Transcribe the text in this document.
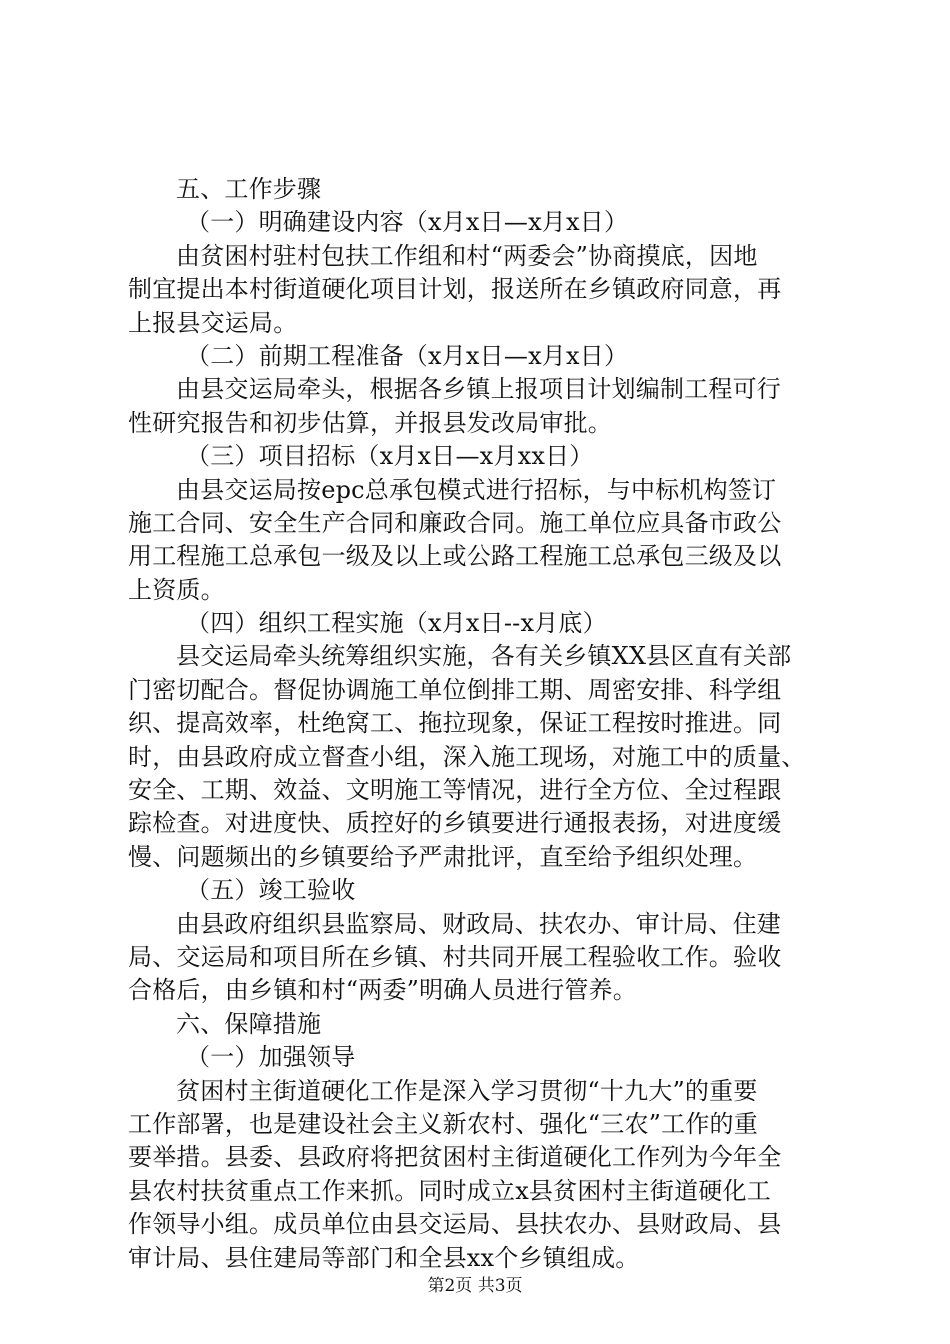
五、工作步骤
（一）明确建设内容（x月x日—x月x日）
由贫困村驻村包扶工作组和村“两委会”协商摸底，因地
制宜提出本村街道硬化项目计划，报送所在乡镇政府同意，再
上报县交运局。
（二）前期工程准备（x月x日—x月x日）
由县交运局牵头，根据各乡镇上报项目计划编制工程可行
性研究报告和初步估算，并报县发改局审批。
（三）项目招标（x月x日—x月xx日）
由县交运局按epc总承包模式进行招标，与中标机构签订
施工合同、安全生产合同和廉政合同。施工单位应具备市政公
用工程施工总承包一级及以上或公路工程施工总承包三级及以
上资质。
（四）组织工程实施（x月x日--x月底）
县交运局牵头统筹组织实施，各有关乡镇XX县区直有关部
门密切配合。督促协调施工单位倒排工期、周密安排、科学组
织、提高效率，杜绝窝工、拖拉现象，保证工程按时推进。同
时，由县政府成立督查小组，深入施工现场，对施工中的质量、
安全、工期、效益、文明施工等情况，进行全方位、全过程跟
踪检查。对进度快、质控好的乡镇要进行通报表扬，对进度缓
慢、问题频出的乡镇要给予严肃批评，直至给予组织处理。
（五）竣工验收
由县政府组织县监察局、财政局、扶农办、审计局、住建
局、交运局和项目所在乡镇、村共同开展工程验收工作。验收
合格后，由乡镇和村“两委”明确人员进行管养。
六、保障措施
（一）加强领导
贫困村主街道硬化工作是深入学习贯彻“十九大”的重要
工作部署，也是建设社会主义新农村、强化“三农”工作的重
要举措。县委、县政府将把贫困村主街道硬化工作列为今年全
县农村扶贫重点工作来抓。同时成立x县贫困村主街道硬化工
作领导小组。成员单位由县交运局、县扶农办、县财政局、县
审计局、县住建局等部门和全县xx个乡镇组成。
第2页 共3页
